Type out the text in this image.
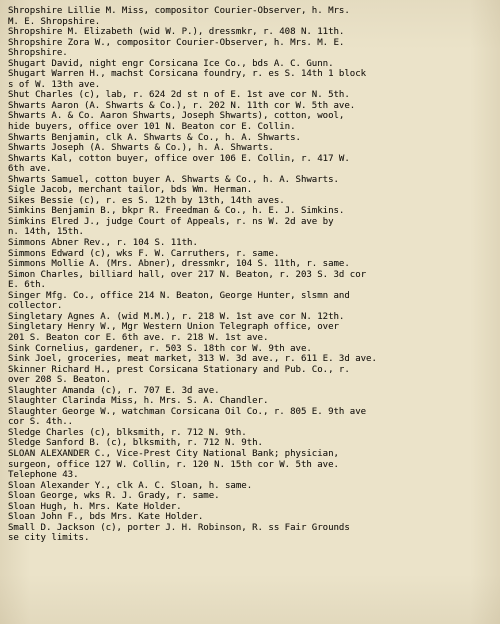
Shropshire Lillie M. Miss, compositor Courier-Observer, h. Mrs.
M. E. Shropshire.
Shropshire M. Elizabeth (wid W. P.), dressmkr, r. 408 N. 11th.
Shropshire Zora W., compositor Courier-Observer, h. Mrs. M. E.
Shropshire.
Shugart David, night engr Corsicana Ice Co., bds A. C. Gunn.
Shugart Warren H., machst Corsicana foundry, r. es S. 14th 1 block
s of W. 13th ave.
Shut Charles (c), lab, r. 624 2d st n of E. 1st ave cor N. 5th.
Shwarts Aaron (A. Shwarts & Co.), r. 202 N. 11th cor W. 5th ave.
Shwarts A. & Co. Aaron Shwarts, Joseph Shwarts), cotton, wool,
hide buyers, office over 101 N. Beaton cor E. Collin.
Shwarts Benjamin, clk A. Shwarts & Co., h. A. Shwarts.
Shwarts Joseph (A. Shwarts & Co.), h. A. Shwarts.
Shwarts Kal, cotton buyer, office over 106 E. Collin, r. 417 W.
6th ave.
Shwarts Samuel, cotton buyer A. Shwarts & Co., h. A. Shwarts.
Sigle Jacob, merchant tailor, bds Wm. Herman.
Sikes Bessie (c), r. es S. 12th by 13th, 14th aves.
Simkins Benjamin B., bkpr R. Freedman & Co., h. E. J. Simkins.
Simkins Elred J., judge Court of Appeals, r. ns W. 2d ave by
n. 14th, 15th.
Simmons Abner Rev., r. 104 S. 11th.
Simmons Edward (c), wks F. W. Carruthers, r. same.
Simmons Mollie A. (Mrs. Abner), dressmkr, 104 S. 11th, r. same.
Simon Charles, billiard hall, over 217 N. Beaton, r. 203 S. 3d cor
E. 6th.
Singer Mfg. Co., office 214 N. Beaton, George Hunter, slsmn and
collector.
Singletary Agnes A. (wid M.M.), r. 218 W. 1st ave cor N. 12th.
Singletary Henry W., Mgr Western Union Telegraph office, over
201 S. Beaton cor E. 6th ave. r. 218 W. 1st ave.
Sink Cornelius, gardener, r. 503 S. 18th cor W. 9th ave.
Sink Joel, groceries, meat market, 313 W. 3d ave., r. 611 E. 3d ave.
Skinner Richard H., prest Corsicana Stationary and Pub. Co., r.
over 208 S. Beaton.
Slaughter Amanda (c), r. 707 E. 3d ave.
Slaughter Clarinda Miss, h. Mrs. S. A. Chandler.
Slaughter George W., watchman Corsicana Oil Co., r. 805 E. 9th ave
cor S. 4th..
Sledge Charles (c), blksmith, r. 712 N. 9th.
Sledge Sanford B. (c), blksmith, r. 712 N. 9th.
SLOAN ALEXANDER C., Vice-Prest City National Bank; physician,
surgeon, office 127 W. Collin, r. 120 N. 15th cor W. 5th ave.
Telephone 43.
Sloan Alexander Y., clk A. C. Sloan, h. same.
Sloan George, wks R. J. Grady, r. same.
Sloan Hugh, h. Mrs. Kate Holder.
Sloan John F., bds Mrs. Kate Holder.
Small D. Jackson (c), porter J. H. Robinson, R. ss Fair Grounds
se city limits.
